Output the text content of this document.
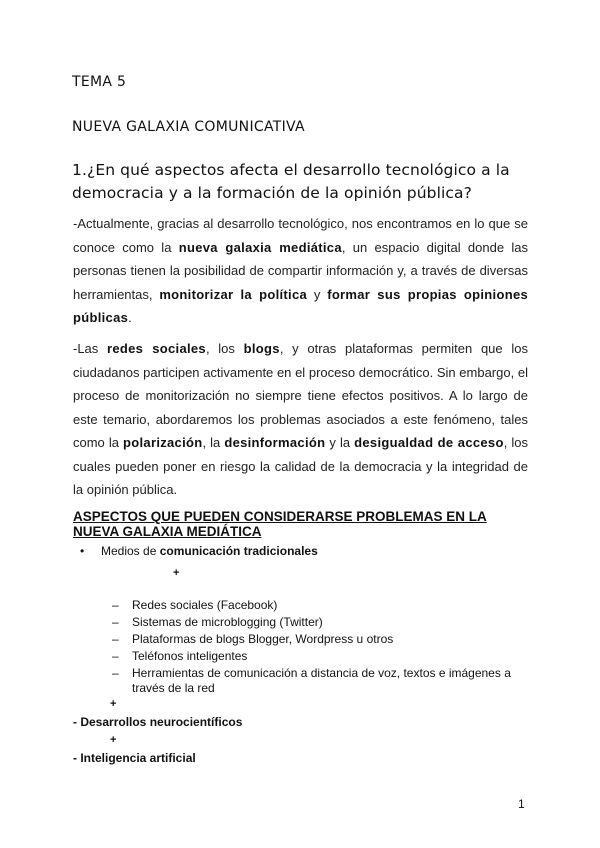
TEMA 5
NUEVA GALAXIA COMUNICATIVA
1.¿En qué aspectos afecta el desarrollo tecnológico a la democracia y a la formación de la opinión pública?
-Actualmente, gracias al desarrollo tecnológico, nos encontramos en lo que se conoce como la nueva galaxia mediática, un espacio digital donde las personas tienen la posibilidad de compartir información y, a través de diversas herramientas, monitorizar la política y formar sus propias opiniones públicas.
-Las redes sociales, los blogs, y otras plataformas permiten que los ciudadanos participen activamente en el proceso democrático. Sin embargo, el proceso de monitorización no siempre tiene efectos positivos. A lo largo de este temario, abordaremos los problemas asociados a este fenómeno, tales como la polarización, la desinformación y la desigualdad de acceso, los cuales pueden poner en riesgo la calidad de la democracia y la integridad de la opinión pública.
ASPECTOS QUE PUEDEN CONSIDERARSE PROBLEMAS EN LA NUEVA GALAXIA MEDIÁTICA
• Medios de comunicación tradicionales
+
– Redes sociales (Facebook)
– Sistemas de microblogging (Twitter)
– Plataformas de blogs Blogger, Wordpress u otros
– Teléfonos inteligentes
– Herramientas de comunicación a distancia de voz, textos e imágenes a través de la red
+
- Desarrollos neurocientíficos
+
- Inteligencia artificial
1
